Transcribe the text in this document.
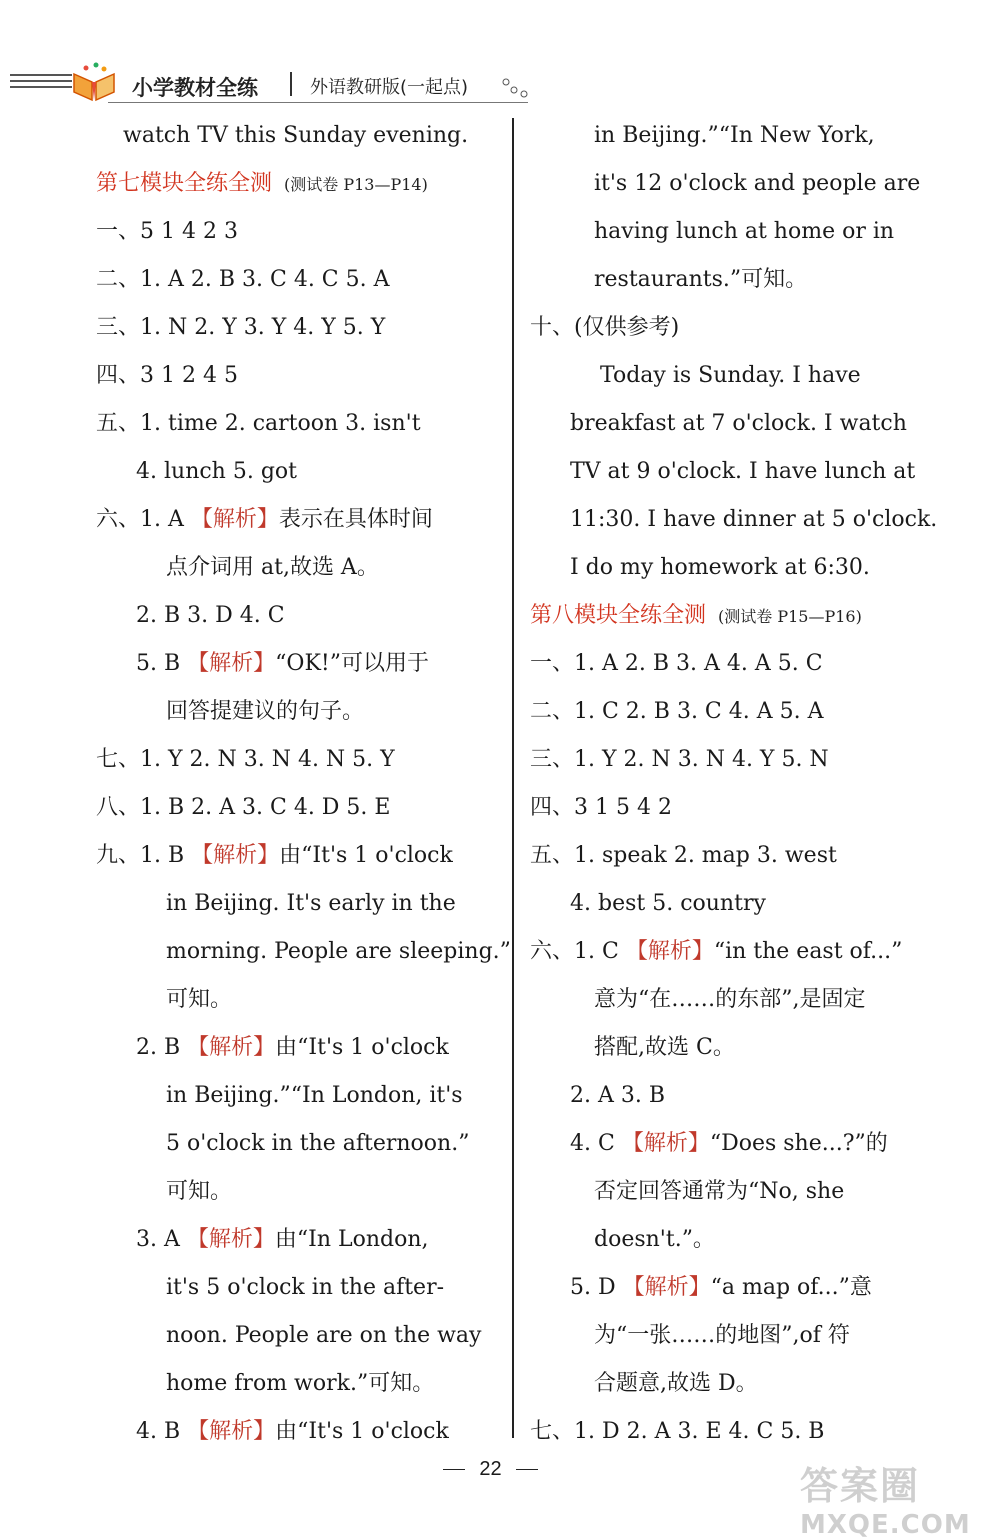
小学教材全练	外语教研版(一起点)
watch TV this Sunday evening.
第七模块全练全测 (测试卷 P13—P14)
一、5 1 4 2 3
二、1. A 2. B 3. C 4. C 5. A
三、1. N 2. Y 3. Y 4. Y 5. Y
四、3 1 2 4 5
五、1. time 2. cartoon 3. isn't
4. lunch 5. got
六、1. A 【解析】表示在具体时间
点介词用 at,故选 A。
2. B 3. D 4. C
5. B 【解析】“OK!”可以用于
回答提建议的句子。
七、1. Y 2. N 3. N 4. N 5. Y
八、1. B 2. A 3. C 4. D 5. E
九、1. B 【解析】由“It's 1 o'clock
in Beijing. It's early in the
morning. People are sleeping.”
可知。
2. B 【解析】由“It's 1 o'clock
in Beijing.”“In London, it's
5 o'clock in the afternoon.”
可知。
3. A 【解析】由“In London,
it's 5 o'clock in the after-
noon. People are on the way
home from work.”可知。
4. B 【解析】由“It's 1 o'clock
in Beijing.”“In New York,
it's 12 o'clock and people are
having lunch at home or in
restaurants.”可知。
十、(仅供参考)
Today is Sunday. I have
breakfast at 7 o'clock. I watch
TV at 9 o'clock. I have lunch at
11:30. I have dinner at 5 o'clock.
I do my homework at 6:30.
第八模块全练全测 (测试卷 P15—P16)
一、1. A 2. B 3. A 4. A 5. C
二、1. C 2. B 3. C 4. A 5. A
三、1. Y 2. N 3. N 4. Y 5. N
四、3 1 5 4 2
五、1. speak 2. map 3. west
4. best 5. country
六、1. C 【解析】“in the east of...”
意为“在……的东部”,是固定
搭配,故选 C。
2. A 3. B
4. C 【解析】“Does she...?”的
否定回答通常为“No, she
doesn't.”。
5. D 【解析】“a map of...”意
为“一张……的地图”,of 符
合题意,故选 D。
七、1. D 2. A 3. E 4. C 5. B
22	答案圈
MXQE.COM
